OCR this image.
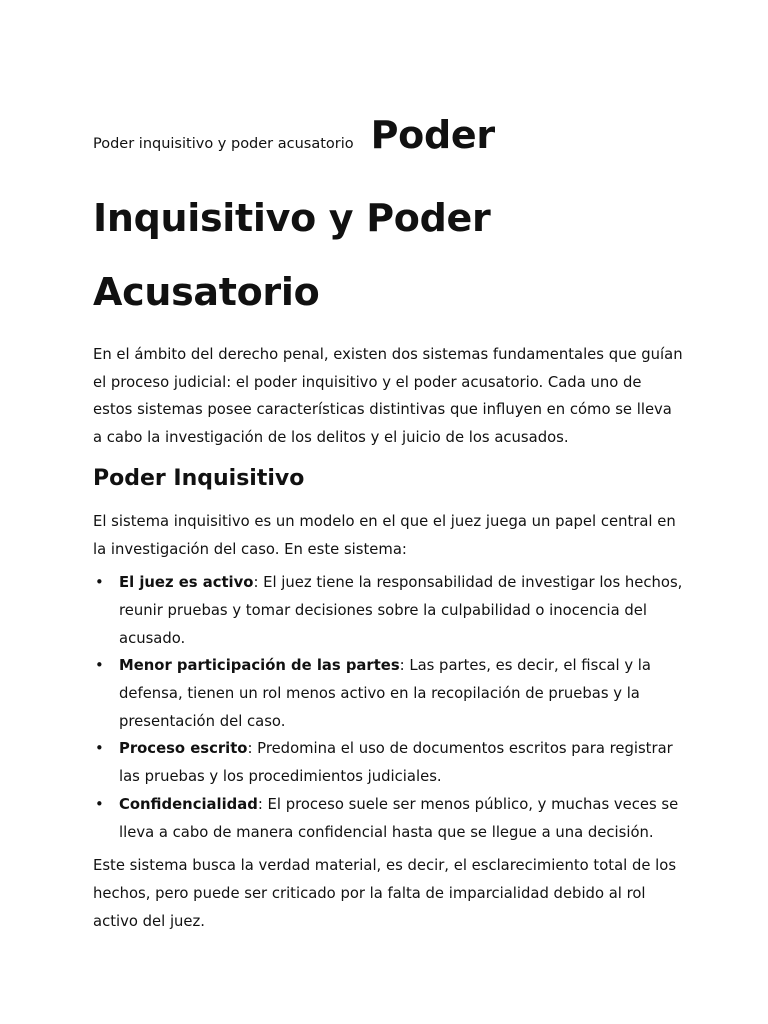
Poder inquisitivo y poder acusatorio Poder Inquisitivo y Poder Acusatorio

En el ámbito del derecho penal, existen dos sistemas fundamentales que guían el proceso judicial: el poder inquisitivo y el poder acusatorio. Cada uno de estos sistemas posee características distintivas que influyen en cómo se lleva a cabo la investigación de los delitos y el juicio de los acusados.

Poder Inquisitivo

El sistema inquisitivo es un modelo en el que el juez juega un papel central en la investigación del caso. En este sistema:

• El juez es activo: El juez tiene la responsabilidad de investigar los hechos, reunir pruebas y tomar decisiones sobre la culpabilidad o inocencia del acusado.
• Menor participación de las partes: Las partes, es decir, el fiscal y la defensa, tienen un rol menos activo en la recopilación de pruebas y la presentación del caso.
• Proceso escrito: Predomina el uso de documentos escritos para registrar las pruebas y los procedimientos judiciales.
• Confidencialidad: El proceso suele ser menos público, y muchas veces se lleva a cabo de manera confidencial hasta que se llegue a una decisión.

Este sistema busca la verdad material, es decir, el esclarecimiento total de los hechos, pero puede ser criticado por la falta de imparcialidad debido al rol activo del juez.
